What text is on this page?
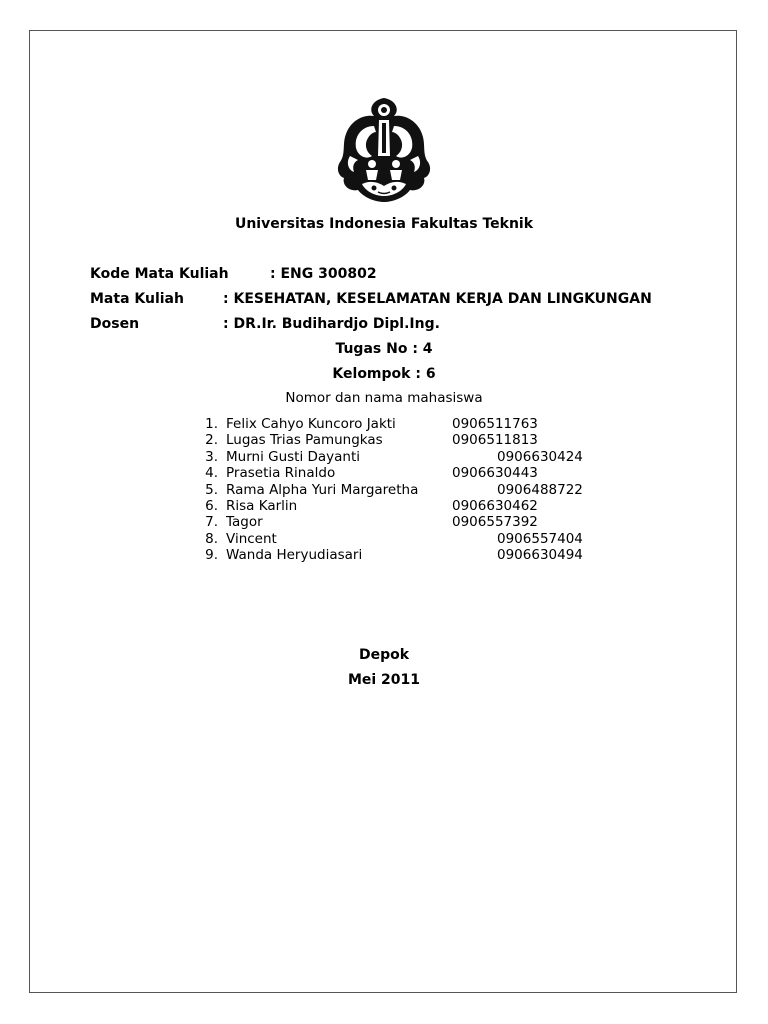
Universitas Indonesia Fakultas Teknik
Kode Mata Kuliah	: ENG 300802
Mata Kuliah	: KESEHATAN, KESELAMATAN KERJA DAN LINGKUNGAN
Dosen	: DR.Ir. Budihardjo Dipl.Ing.
Tugas No : 4
Kelompok : 6
Nomor dan nama mahasiswa
1. Felix Cahyo Kuncoro Jakti	0906511763
2. Lugas Trias Pamungkas	0906511813
3. Murni Gusti Dayanti	0906630424
4. Prasetia Rinaldo	0906630443
5. Rama Alpha Yuri Margaretha	0906488722
6. Risa Karlin	0906630462
7. Tagor	0906557392
8. Vincent	0906557404
9. Wanda Heryudiasari	0906630494
Depok
Mei 2011
